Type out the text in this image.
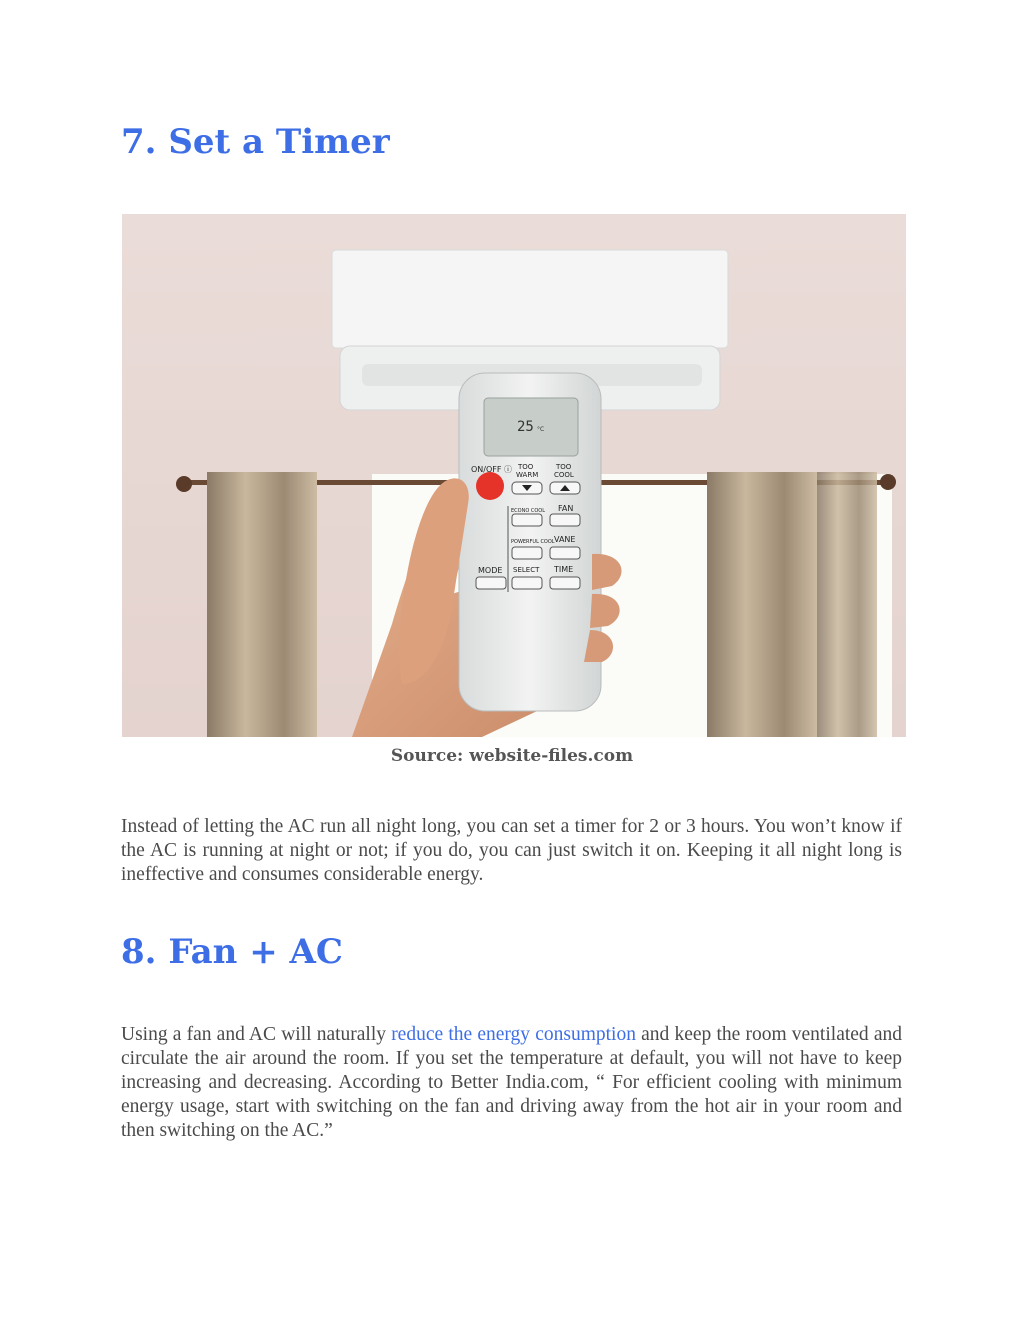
7. Set a Timer
25 °C
ON/OFF ⓘ TOO
WARM
TOO
COOL
ECONO COOL FAN
POWERFUL COOL VANE
MODE SELECT TIME
Source: website-files.com

Instead of letting the AC run all night long, you can set a timer for 2 or 3 hours. You won’t know if the AC is running at night or not; if you do, you can just switch it on. Keeping it all night long is ineffective and consumes considerable energy.

8. Fan + AC

Using a fan and AC will naturally reduce the energy consumption and keep the room ventilated and circulate the air around the room. If you set the temperature at default, you will not have to keep increasing and decreasing. According to Better India.com, “ For efficient cooling with minimum energy usage, start with switching on the fan and driving away from the hot air in your room and then switching on the AC.”
